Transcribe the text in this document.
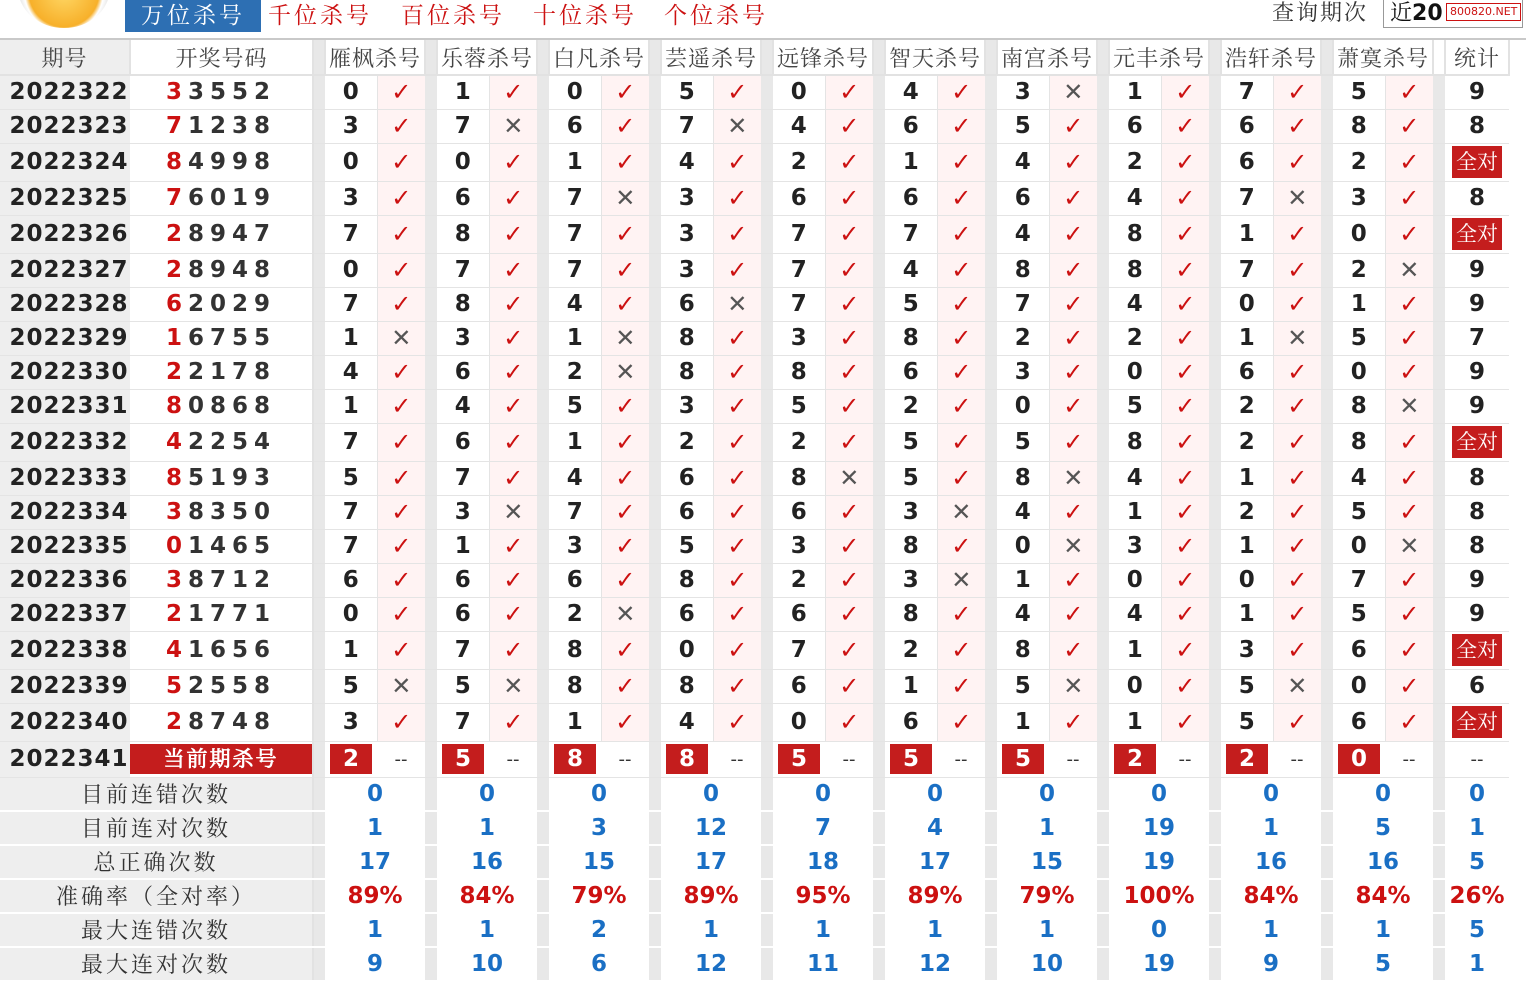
万位杀号	千位杀号 百位杀号 十位杀号 个位杀号	查询期次 近20 800820.NET
期号	开奖号码		雁枫杀号			乐蓉杀号			白凡杀号			芸遥杀号			远锋杀号			智天杀号			南宫杀号			元丰杀号			浩轩杀号			萧寞杀号			统计
2022322	33552		0	✓		1	✓		0	✓		5	✓		0	✓		4	✓		3	✕		1	✓		7	✓		5	✓		9
2022323	71238		3	✓		7	✕		6	✓		7	✕		4	✓		6	✓		5	✓		6	✓		6	✓		8	✓		8
2022324	84998		0	✓		0	✓		1	✓		4	✓		2	✓		1	✓		4	✓		2	✓		6	✓		2	✓		全对
2022325	76019		3	✓		6	✓		7	✕		3	✓		6	✓		6	✓		6	✓		4	✓		7	✕		3	✓		8
2022326	28947		7	✓		8	✓		7	✓		3	✓		7	✓		7	✓		4	✓		8	✓		1	✓		0	✓		全对
2022327	28948		0	✓		7	✓		7	✓		3	✓		7	✓		4	✓		8	✓		8	✓		7	✓		2	✕		9
2022328	62029		7	✓		8	✓		4	✓		6	✕		7	✓		5	✓		7	✓		4	✓		0	✓		1	✓		9
2022329	16755		1	✕		3	✓		1	✕		8	✓		3	✓		8	✓		2	✓		2	✓		1	✕		5	✓		7
2022330	22178		4	✓		6	✓		2	✕		8	✓		8	✓		6	✓		3	✓		0	✓		6	✓		0	✓		9
2022331	80868		1	✓		4	✓		5	✓		3	✓		5	✓		2	✓		0	✓		5	✓		2	✓		8	✕		9
2022332	42254		7	✓		6	✓		1	✓		2	✓		2	✓		5	✓		5	✓		8	✓		2	✓		8	✓		全对
2022333	85193		5	✓		7	✓		4	✓		6	✓		8	✕		5	✓		8	✕		4	✓		1	✓		4	✓		8
2022334	38350		7	✓		3	✕		7	✓		6	✓		6	✓		3	✕		4	✓		1	✓		2	✓		5	✓		8
2022335	01465		7	✓		1	✓		3	✓		5	✓		3	✓		8	✓		0	✕		3	✓		1	✓		0	✕		8
2022336	38712		6	✓		6	✓		6	✓		8	✓		2	✓		3	✕		1	✓		0	✓		0	✓		7	✓		9
2022337	21771		0	✓		6	✓		2	✕		6	✓		6	✓		8	✓		4	✓		4	✓		1	✓		5	✓		9
2022338	41656		1	✓		7	✓		8	✓		0	✓		7	✓		2	✓		8	✓		1	✓		3	✓		6	✓		全对
2022339	52558		5	✕		5	✕		8	✓		8	✓		6	✓		1	✓		5	✕		0	✓		5	✕		0	✓		6
2022340	28748		3	✓		7	✓		1	✓		4	✓		0	✓		6	✓		1	✓		1	✓		5	✓		6	✓		全对
2022341	当前期杀号		2	--		5	--		8	--		8	--		5	--		5	--		5	--		2	--		2	--		0	--		--
目前连错次数			0			0			0			0			0			0			0			0			0			0			0
目前连对次数			1			1			3			12			7			4			1			19			1			5			1
总正确次数			17			16			15			17			18			17			15			19			16			16			5
准确率（全对率）			89%			84%			79%			89%			95%			89%			79%			100%			84%			84%			26%
最大连错次数			1			1			2			1			1			1			1			0			1			1			5
最大连对次数			9			10			6			12			11			12			10			19			9			5			1
